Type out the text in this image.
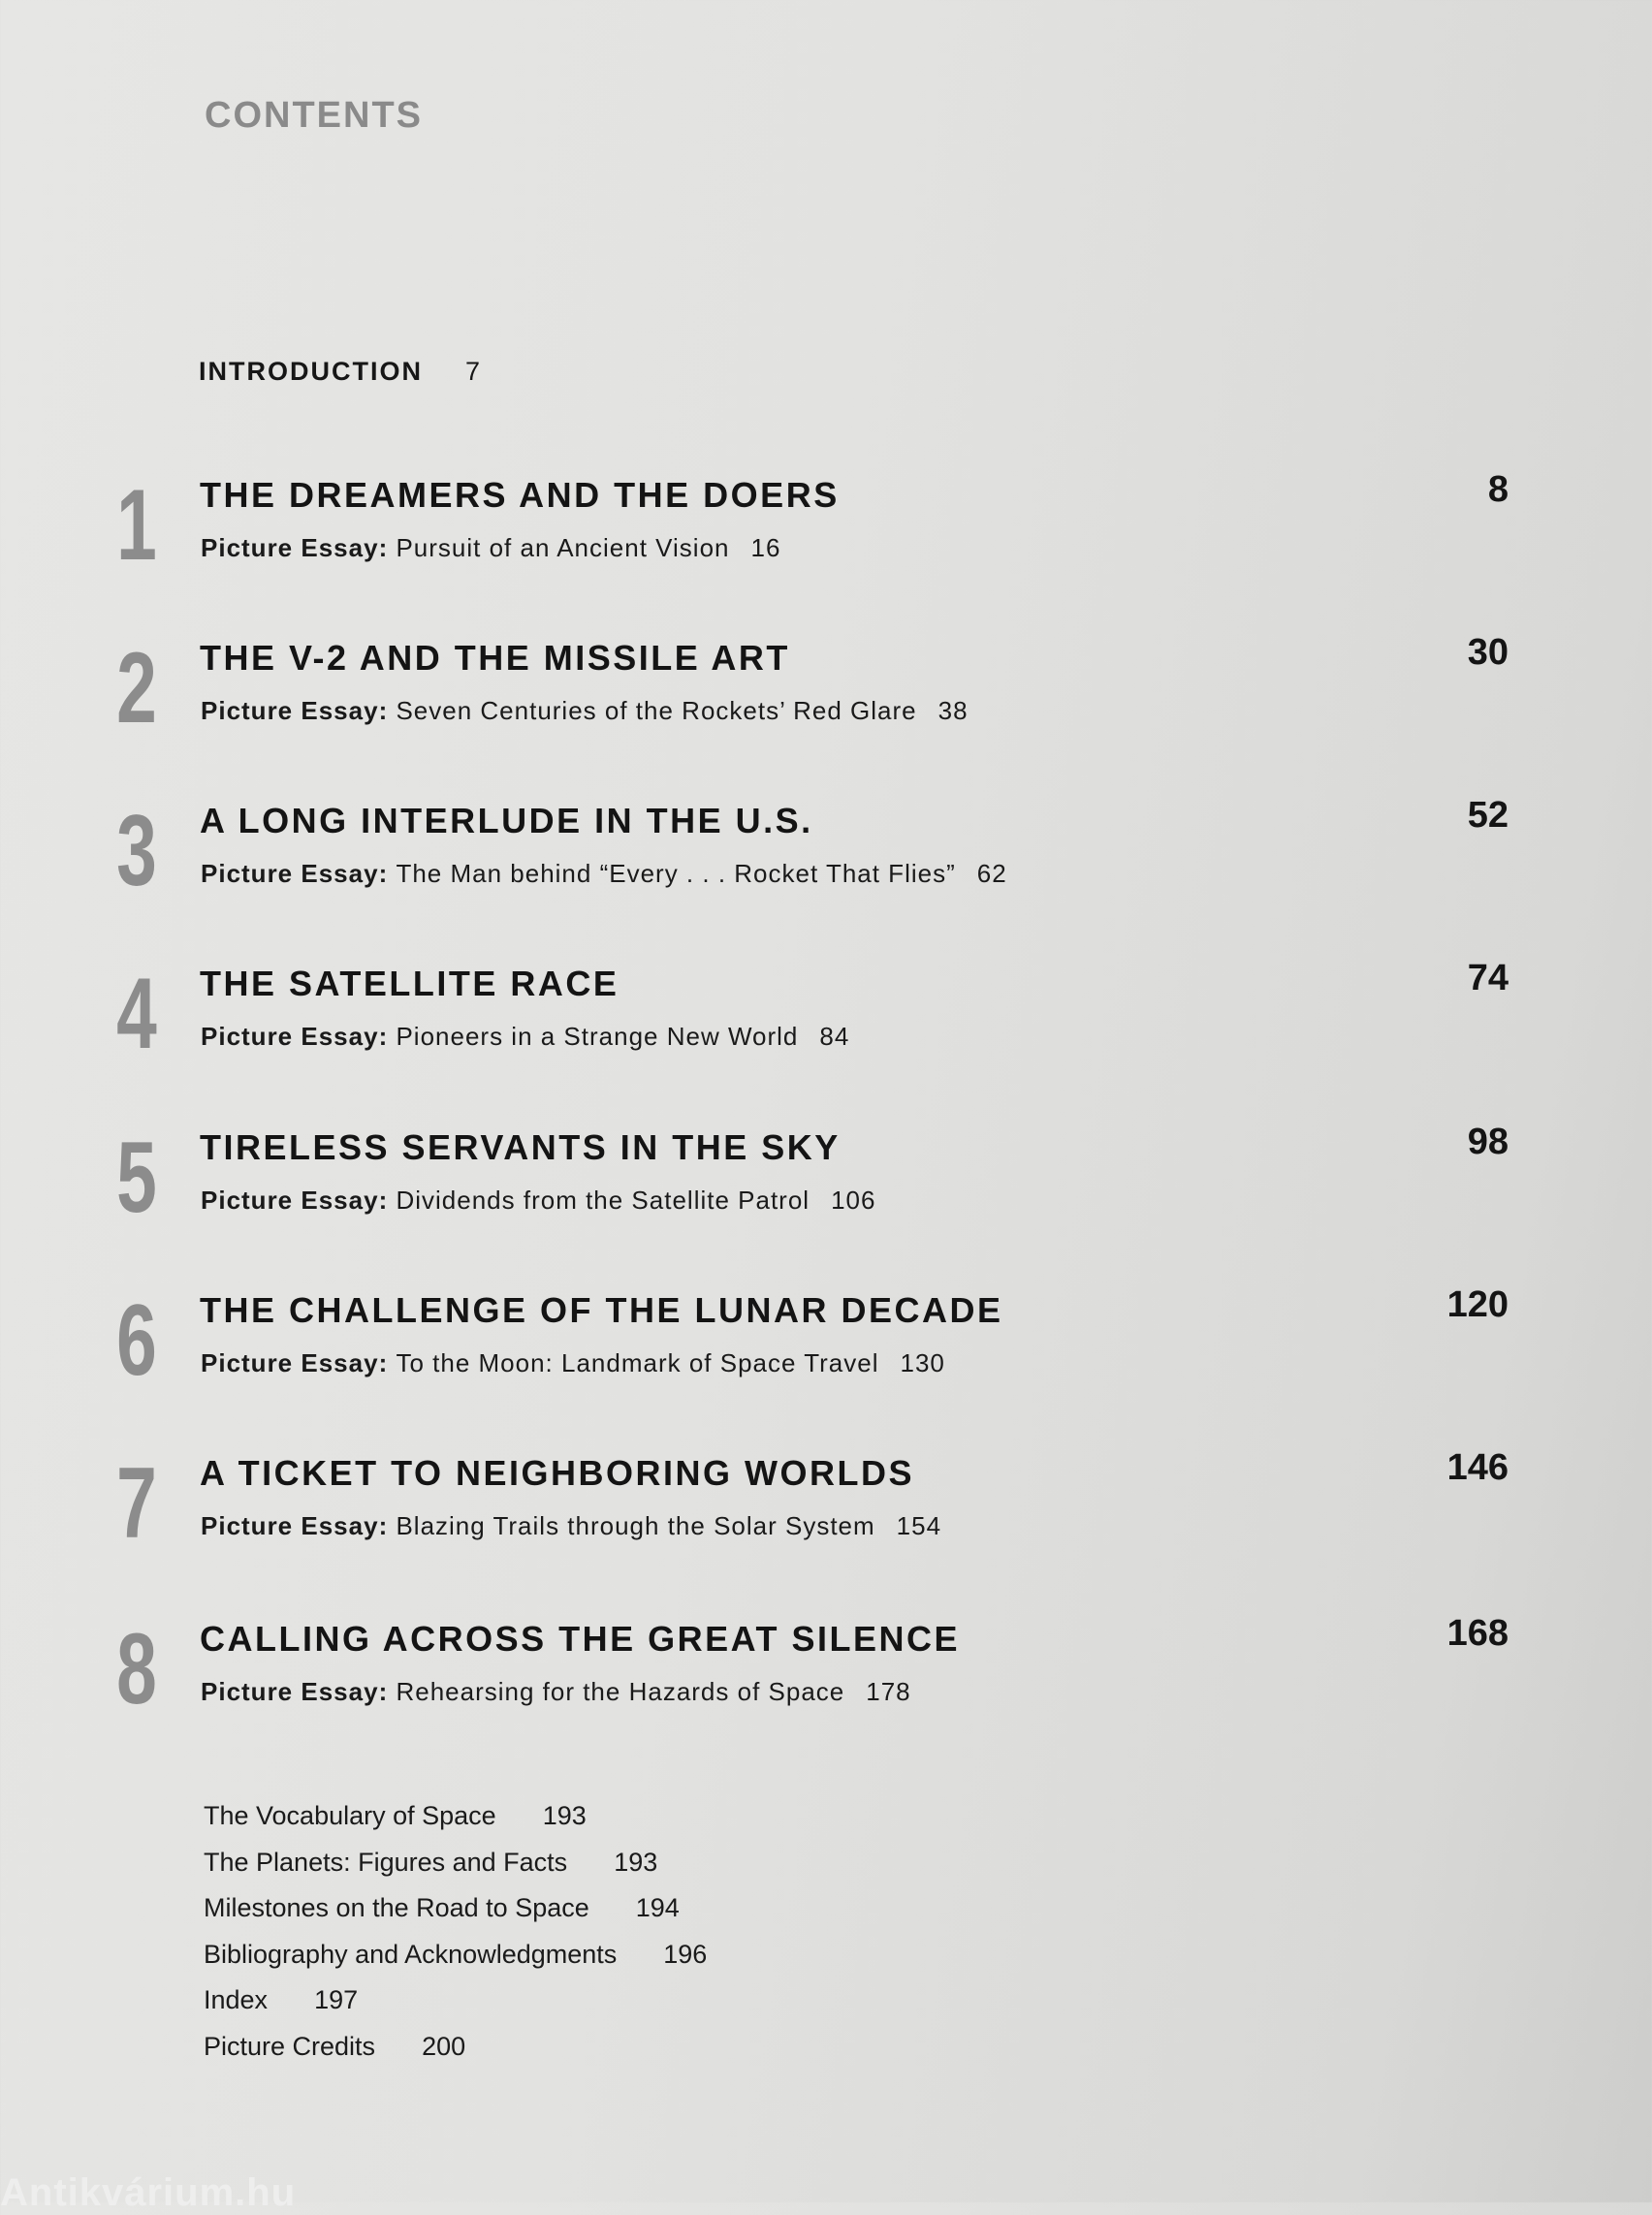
CONTENTS
INTRODUCTION 7
1 THE DREAMERS AND THE DOERS	8
Picture Essay: Pursuit of an Ancient Vision 16
2 THE V-2 AND THE MISSILE ART	30
Picture Essay: Seven Centuries of the Rockets’ Red Glare 38
3 A LONG INTERLUDE IN THE U.S.	52
Picture Essay: The Man behind “Every . . . Rocket That Flies” 62
4 THE SATELLITE RACE	74
Picture Essay: Pioneers in a Strange New World 84
5 TIRELESS SERVANTS IN THE SKY	98
Picture Essay: Dividends from the Satellite Patrol 106
6 THE CHALLENGE OF THE LUNAR DECADE	120
Picture Essay: To the Moon: Landmark of Space Travel 130
7 A TICKET TO NEIGHBORING WORLDS	146
Picture Essay: Blazing Trails through the Solar System 154
8 CALLING ACROSS THE GREAT SILENCE	168
Picture Essay: Rehearsing for the Hazards of Space 178
The Vocabulary of Space 193
The Planets: Figures and Facts 193
Milestones on the Road to Space 194
Bibliography and Acknowledgments 196
Index 197
Picture Credits 200
Antikvárium.hu
